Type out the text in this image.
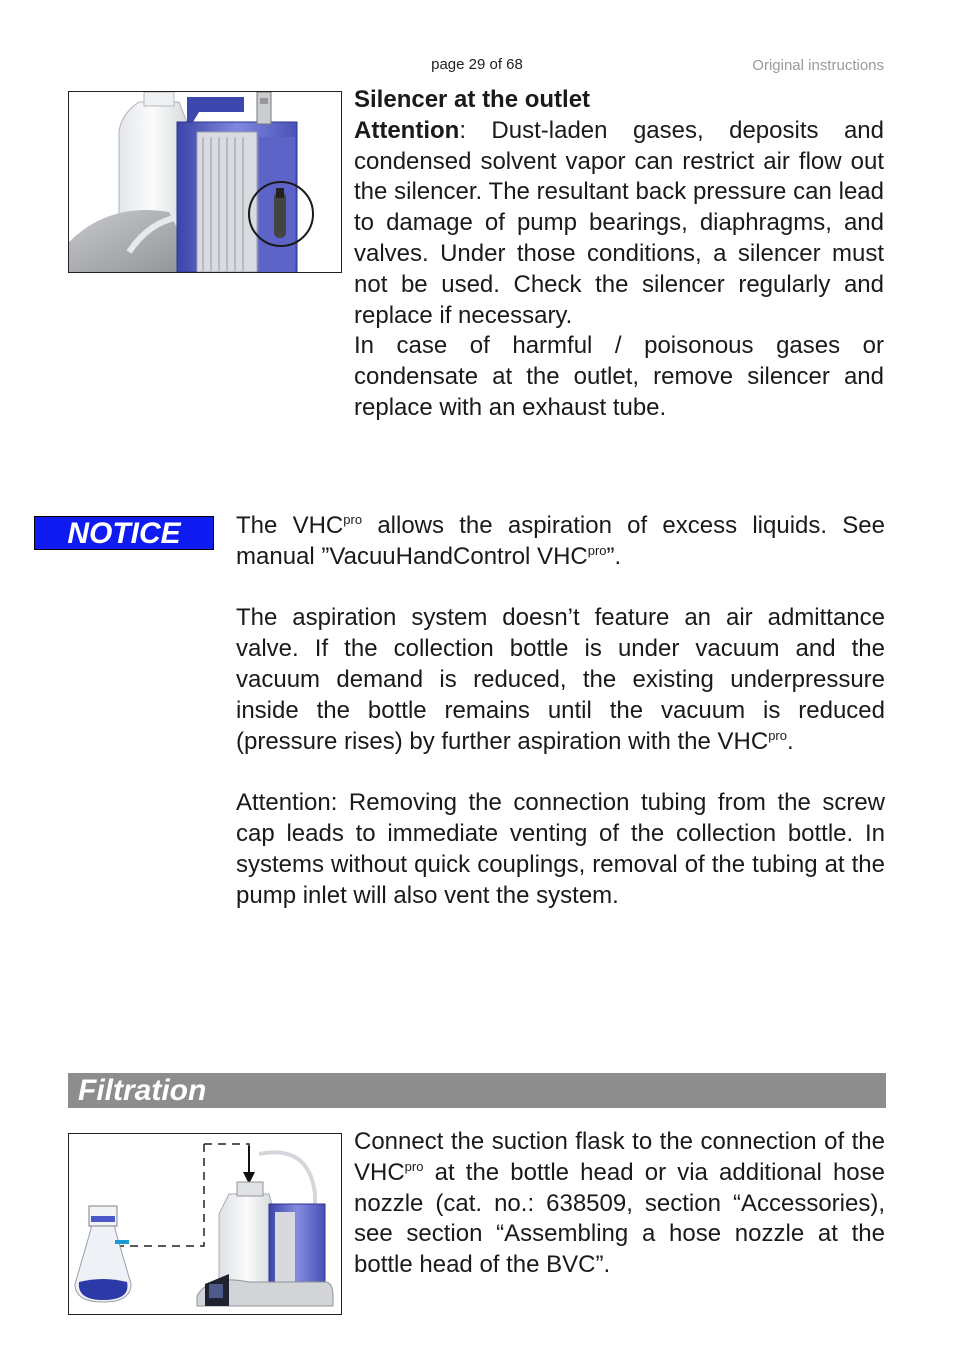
page 29 of 68	Original instructions

Silencer at the outlet

Attention: Dust-laden gases, deposits and condensed solvent vapor can restrict air flow out the silencer. The resultant back pressure can lead to damage of pump bearings, diaphragms, and valves. Under those conditions, a silencer must not be used. Check the silencer regularly and replace if necessary.

In case of harmful / poisonous gases or condensate at the outlet, remove silencer and replace with an exhaust tube.

NOTICE	The $VHC^{pro}$ allows the aspiration of excess liquids. See manual ”VacuuHandControl $VHC^{pro}$”.

The aspiration system doesn’t feature an air admittance valve. If the collection bottle is under vacuum and the vacuum demand is reduced, the existing underpressure inside the bottle remains until the vacuum is reduced (pressure rises) by further aspiration with the $VHC^{pro}$.

Attention: Removing the connection tubing from the screw cap leads to immediate venting of the collection bottle. In systems without quick couplings, removal of the tubing at the pump inlet will also vent the system.

Filtration

Connect the suction flask to the connection of the $VHC^{pro}$ at the bottle head or via additional hose nozzle (cat. no.: 638509, section “Accessories), see section “Assembling a hose nozzle at the bottle head of the BVC”.
